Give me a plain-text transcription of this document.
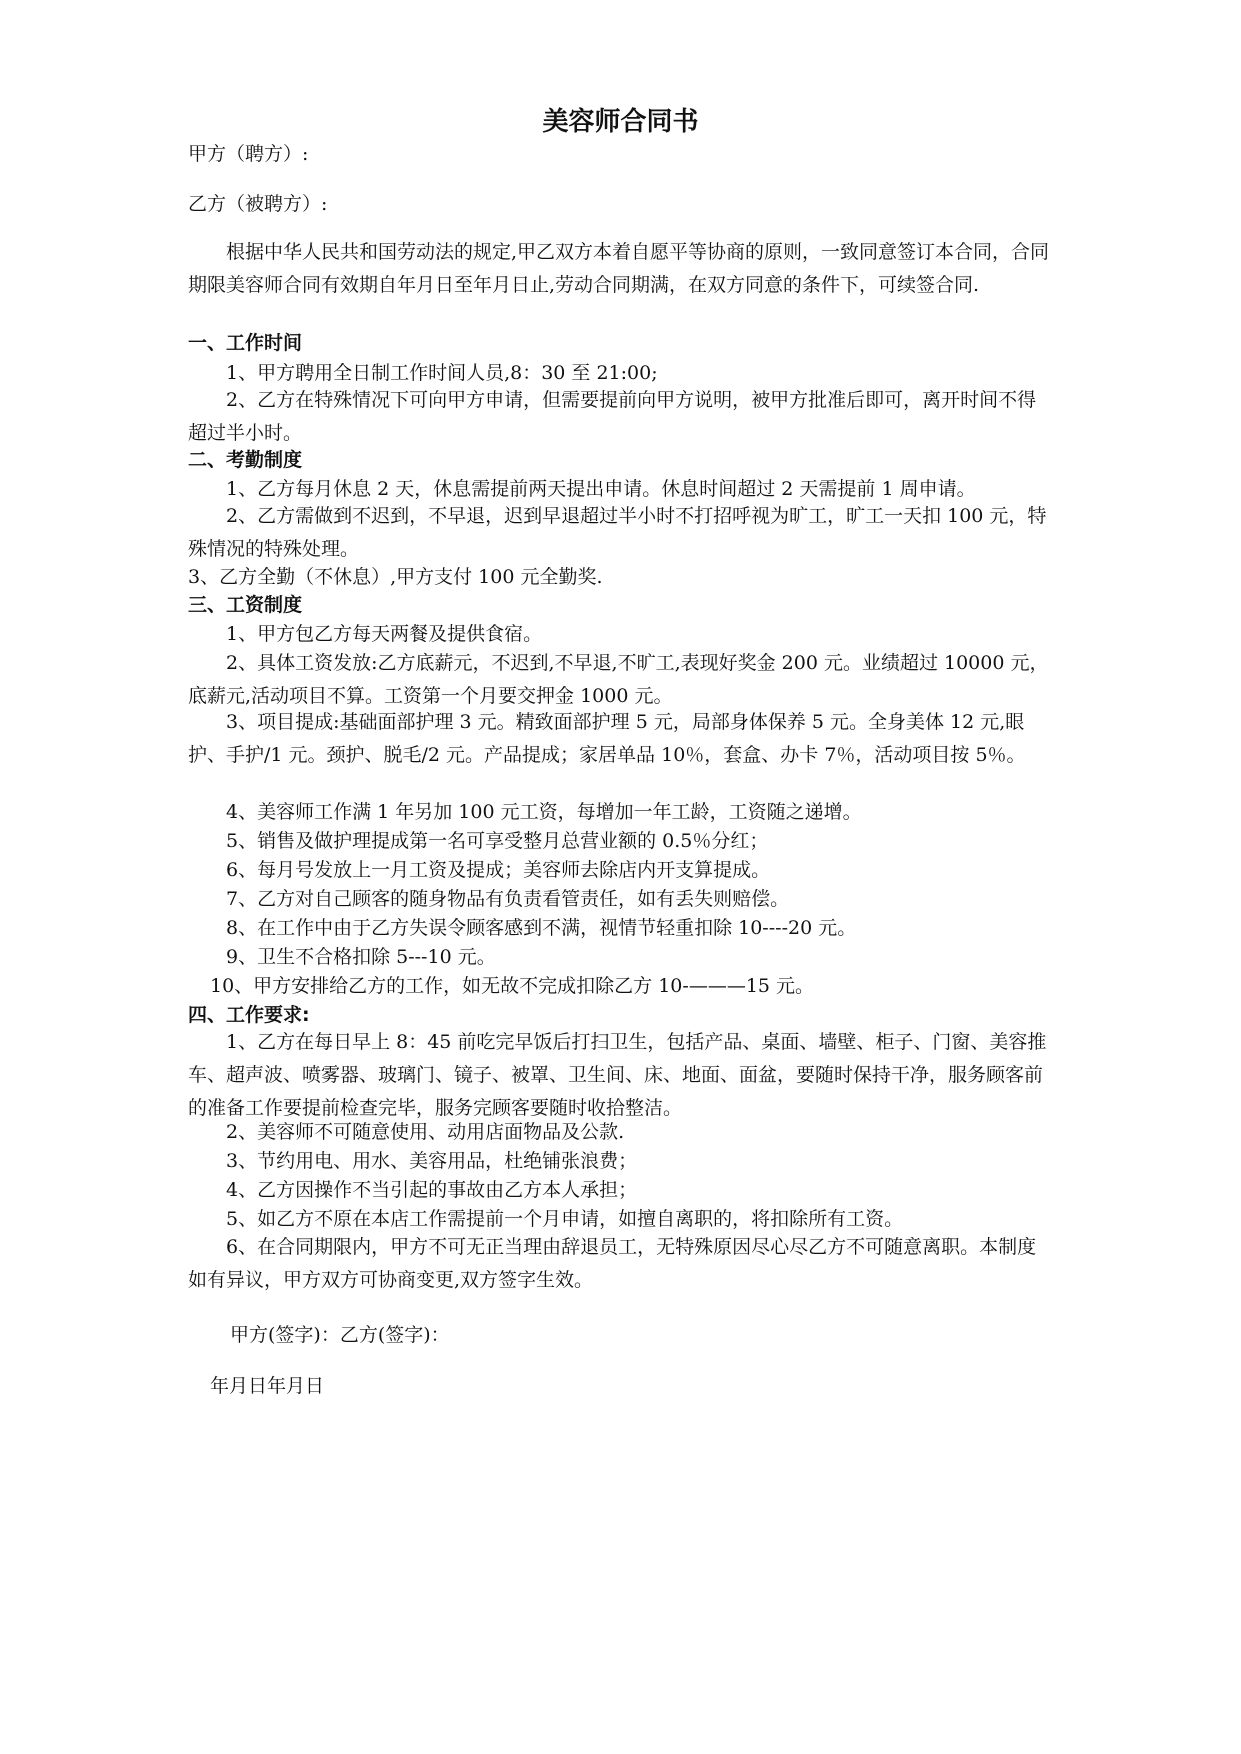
美容师合同书
甲方（聘方）:
乙方（被聘方）:
根据中华人民共和国劳动法的规定,甲乙双方本着自愿平等协商的原则，一致同意签订本合同，合同期限美容师合同有效期自年月日至年月日止,劳动合同期满，在双方同意的条件下，可续签合同.
一、工作时间
1、甲方聘用全日制工作时间人员,8：30 至 21:00;
2、乙方在特殊情况下可向甲方申请，但需要提前向甲方说明，被甲方批准后即可，离开时间不得超过半小时。
二、考勤制度
1、乙方每月休息 2 天，休息需提前两天提出申请。休息时间超过 2 天需提前 1 周申请。
2、乙方需做到不迟到，不早退，迟到早退超过半小时不打招呼视为旷工，旷工一天扣 100 元，特殊情况的特殊处理。
3、乙方全勤（不休息）,甲方支付 100 元全勤奖.
三、工资制度
1、甲方包乙方每天两餐及提供食宿。
2、具体工资发放:乙方底薪元，不迟到,不早退,不旷工,表现好奖金 200 元。业绩超过 10000 元，底薪元,活动项目不算。工资第一个月要交押金 1000 元。
3、项目提成:基础面部护理 3 元。精致面部护理 5 元，局部身体保养 5 元。全身美体 12 元,眼护、手护/1 元。颈护、脱毛/2 元。产品提成；家居单品 10％，套盒、办卡 7％，活动项目按 5％。
4、美容师工作满 1 年另加 100 元工资，每增加一年工龄，工资随之递增。
5、销售及做护理提成第一名可享受整月总营业额的 0.5％分红；
6、每月号发放上一月工资及提成；美容师去除店内开支算提成。
7、乙方对自己顾客的随身物品有负责看管责任，如有丢失则赔偿。
8、在工作中由于乙方失误令顾客感到不满，视情节轻重扣除 10----20 元。
9、卫生不合格扣除 5---10 元。
10、甲方安排给乙方的工作，如无故不完成扣除乙方 10-———15 元。
四、工作要求:
1、乙方在每日早上 8：45 前吃完早饭后打扫卫生，包括产品、桌面、墙壁、柜子、门窗、美容推车、超声波、喷雾器、玻璃门、镜子、被罩、卫生间、床、地面、面盆，要随时保持干净，服务顾客前的准备工作要提前检查完毕，服务完顾客要随时收拾整洁。
2、美容师不可随意使用、动用店面物品及公款.
3、节约用电、用水、美容用品，杜绝铺张浪费；
4、乙方因操作不当引起的事故由乙方本人承担；
5、如乙方不原在本店工作需提前一个月申请，如擅自离职的，将扣除所有工资。
6、在合同期限内，甲方不可无正当理由辞退员工，无特殊原因尽心尽乙方不可随意离职。本制度如有异议，甲方双方可协商变更,双方签字生效。
甲方(签字)：乙方(签字)：
年月日年月日
